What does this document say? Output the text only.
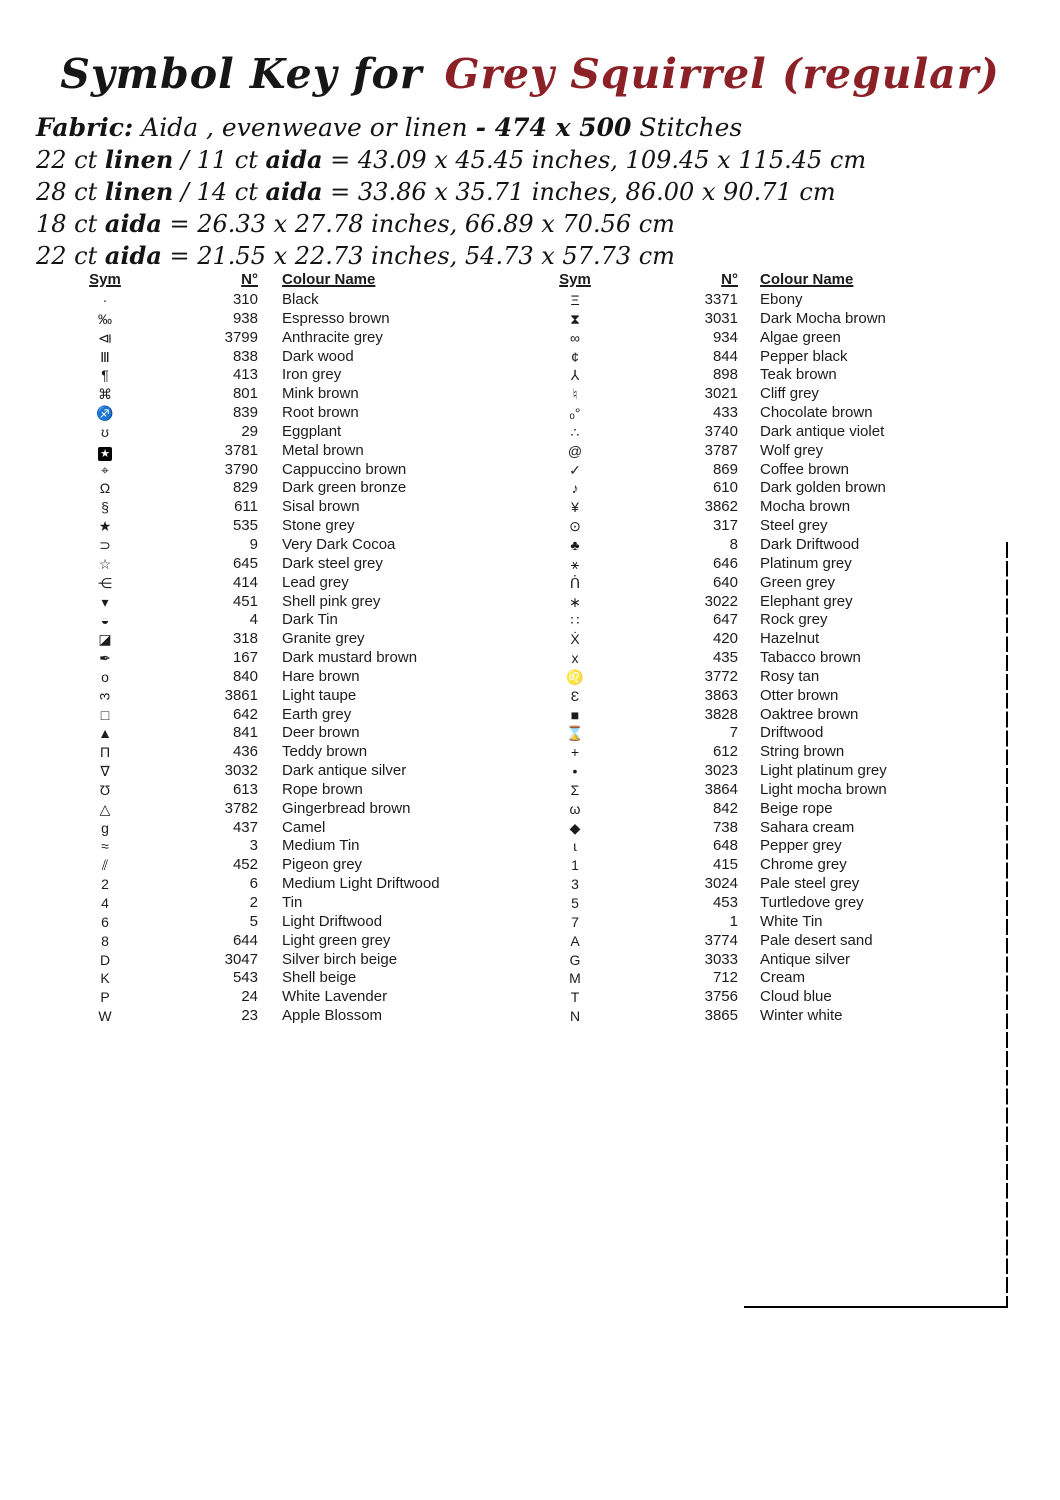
Symbol Key for Grey Squirrel (regular)
Fabric: Aida , evenweave or linen - 474 x 500 Stitches
22 ct linen / 11 ct aida = 43.09 x 45.45 inches, 109.45 x 115.45 cm
28 ct linen / 14 ct aida = 33.86 x 35.71 inches, 86.00 x 90.71 cm
18 ct aida = 26.33 x 27.78 inches, 66.89 x 70.56 cm
22 ct aida = 21.55 x 22.73 inches, 54.73 x 57.73 cm
Sym	N°	Colour Name
·	310	Black
‰	938	Espresso brown
⧏	3799	Anthracite grey
Ⅲ	838	Dark wood
¶	413	Iron grey
⌘	801	Mink brown
♐	839	Root brown
ʊ	29	Eggplant
★	3781	Metal brown
⌖	3790	Cappuccino brown
Ω	829	Dark green bronze
§	611	Sisal brown
★	535	Stone grey
⊃	9	Very Dark Cocoa
☆	645	Dark steel grey
⋲	414	Lead grey
▾	451	Shell pink grey
◒	4	Dark Tin
◪	318	Granite grey
✒	167	Dark mustard brown
o	840	Hare brown
3	3861	Light taupe
□	642	Earth grey
▲	841	Deer brown
Π	436	Teddy brown
∇	3032	Dark antique silver
Ʊ	613	Rope brown
△	3782	Gingerbread brown
g	437	Camel
≈	3	Medium Tin
⫽	452	Pigeon grey
2	6	Medium Light Driftwood
4	2	Tin
6	5	Light Driftwood
8	644	Light green grey
D	3047	Silver birch beige
K	543	Shell beige
P	24	White Lavender
W	23	Apple Blossom
Sym	N°	Colour Name
Ξ	3371	Ebony
⧗	3031	Dark Mocha brown
∞	934	Algae green
¢	844	Pepper black
⅄	898	Teak brown
♮	3021	Cliff grey
ₒ°	433	Chocolate brown
∴	3740	Dark antique violet
@	3787	Wolf grey
✓	869	Coffee brown
♪	610	Dark golden brown
¥	3862	Mocha brown
⊙	317	Steel grey
♣	8	Dark Driftwood
⚹	646	Platinum grey
ᑏ	640	Green grey
∗	3022	Elephant grey
∷	647	Rock grey
Ẋ	420	Hazelnut
x	435	Tabacco brown
♌	3772	Rosy tan
Ɛ	3863	Otter brown
■	3828	Oaktree brown
⌛	7	Driftwood
+	612	String brown
•	3023	Light platinum grey
Σ	3864	Light mocha brown
ω	842	Beige rope
◆	738	Sahara cream
ɩ	648	Pepper grey
1	415	Chrome grey
3	3024	Pale steel grey
5	453	Turtledove grey
7	1	White Tin
A	3774	Pale desert sand
G	3033	Antique silver
M	712	Cream
T	3756	Cloud blue
N	3865	Winter white
